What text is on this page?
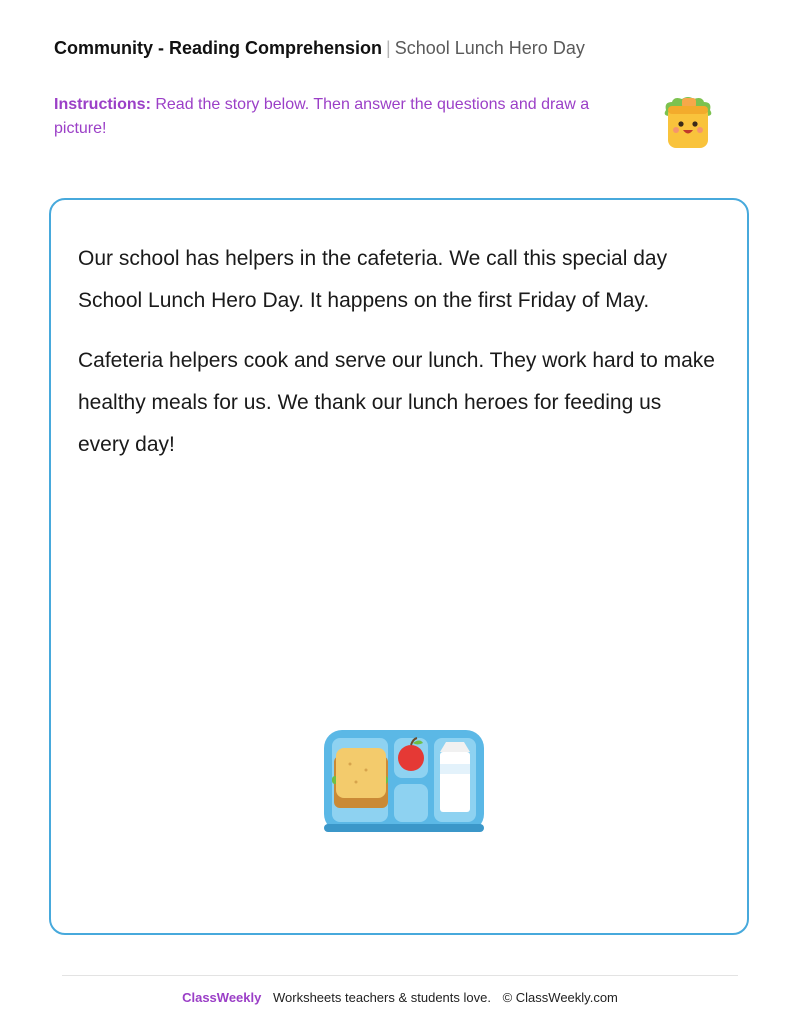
Community - Reading Comprehension | School Lunch Hero Day
Instructions: Read the story below. Then answer the questions and draw a picture!

Our school has helpers in the cafeteria. We call this special day School Lunch Hero Day. It happens on the first Friday of May.

Cafeteria helpers cook and serve our lunch. They work hard to make healthy meals for us. We thank our lunch heroes for feeding us every day!

ClassWeekly Worksheets teachers & students love. © ClassWeekly.com
